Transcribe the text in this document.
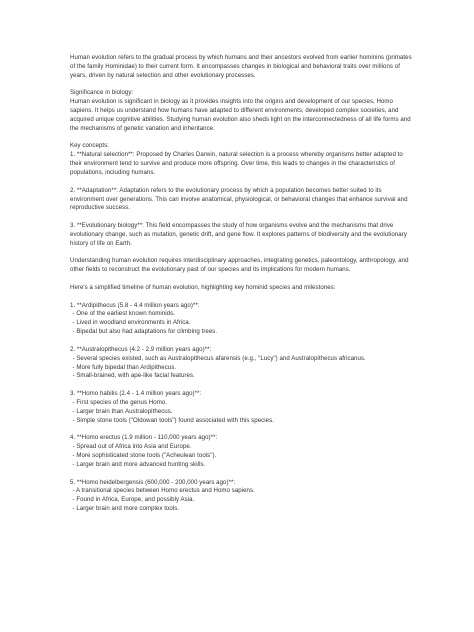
Human evolution refers to the gradual process by which humans and their ancestors evolved from earlier hominins (primates of the family Hominidae) to their current form. It encompasses changes in biological and behavioral traits over millions of years, driven by natural selection and other evolutionary processes.

Significance in biology:

Human evolution is significant in biology as it provides insights into the origins and development of our species, Homo sapiens. It helps us understand how humans have adapted to different environments, developed complex societies, and acquired unique cognitive abilities. Studying human evolution also sheds light on the interconnectedness of all life forms and the mechanisms of genetic variation and inheritance.

Key concepts:

1. **Natural selection**: Proposed by Charles Darwin, natural selection is a process whereby organisms better adapted to their environment tend to survive and produce more offspring. Over time, this leads to changes in the characteristics of populations, including humans.

2. **Adaptation**: Adaptation refers to the evolutionary process by which a population becomes better suited to its environment over generations. This can involve anatomical, physiological, or behavioral changes that enhance survival and reproductive success.

3. **Evolutionary biology**: This field encompasses the study of how organisms evolve and the mechanisms that drive evolutionary change, such as mutation, genetic drift, and gene flow. It explores patterns of biodiversity and the evolutionary history of life on Earth.

Understanding human evolution requires interdisciplinary approaches, integrating genetics, paleontology, anthropology, and other fields to reconstruct the evolutionary past of our species and its implications for modern humans.

Here's a simplified timeline of human evolution, highlighting key hominid species and milestones:

1. **Ardipithecus (5.8 - 4.4 million years ago)**:

- One of the earliest known hominids.

- Lived in woodland environments in Africa.

- Bipedal but also had adaptations for climbing trees.

2. **Australopithecus (4.2 - 2.9 million years ago)**:

- Several species existed, such as Australopithecus afarensis (e.g., "Lucy") and Australopithecus africanus.

- More fully bipedal than Ardipithecus.

- Small-brained, with ape-like facial features.

3. **Homo habilis (2.4 - 1.4 million years ago)**:

- First species of the genus Homo.

- Larger brain than Australopithecus.

- Simple stone tools ("Oldowan tools") found associated with this species.

4. **Homo erectus (1.9 million - 110,000 years ago)**:

- Spread out of Africa into Asia and Europe.

- More sophisticated stone tools ("Acheulean tools").

- Larger brain and more advanced hunting skills.

5. **Homo heidelbergensis (600,000 - 200,000 years ago)**:

- A transitional species between Homo erectus and Homo sapiens.

- Found in Africa, Europe, and possibly Asia.

- Larger brain and more complex tools.
